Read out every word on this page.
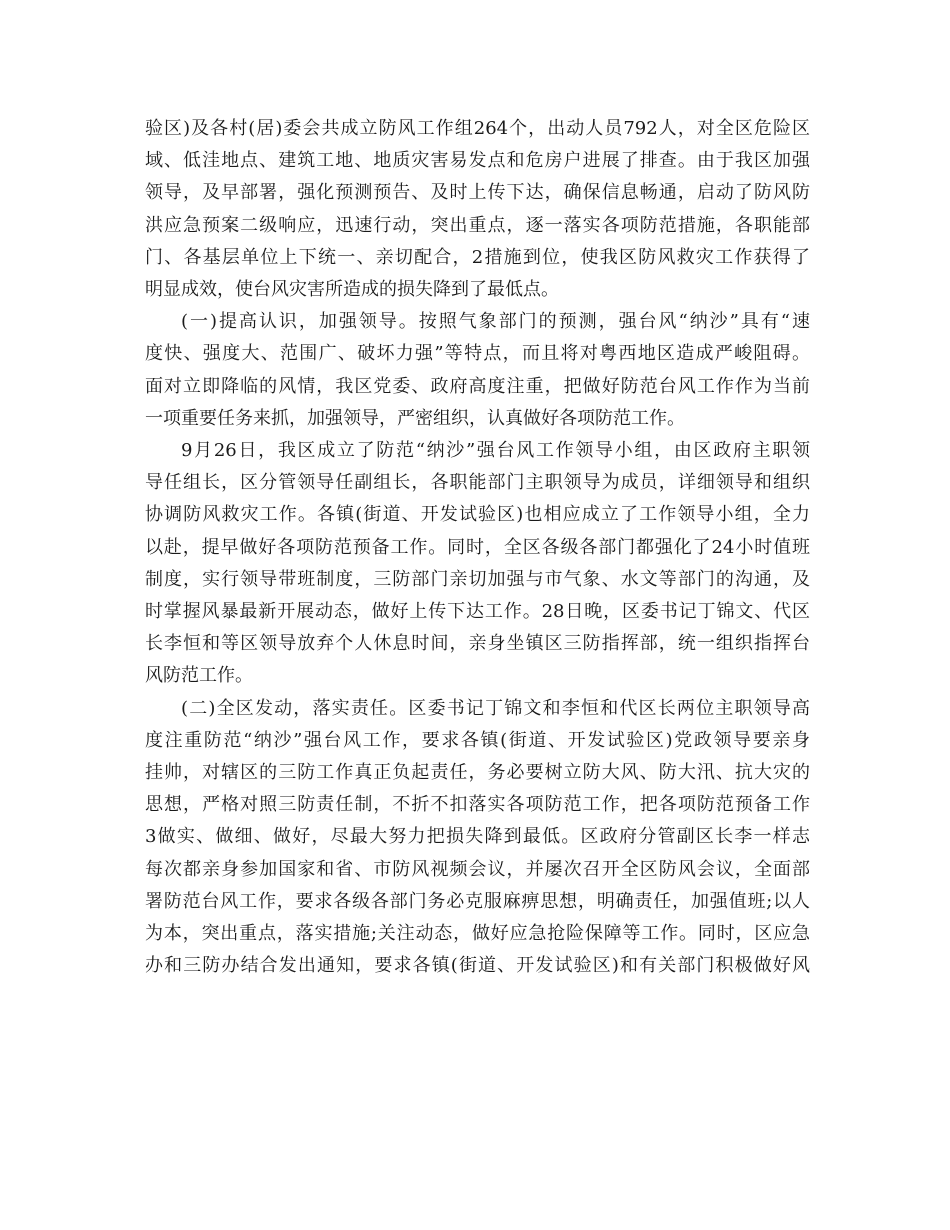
验区)及各村(居)委会共成立防风工作组264个，出动人员792人，对全区危险区
域、低洼地点、建筑工地、地质灾害易发点和危房户进展了排查。由于我区加强
领导，及早部署，强化预测预告、及时上传下达，确保信息畅通，启动了防风防
洪应急预案二级响应，迅速行动，突出重点，逐一落实各项防范措施，各职能部
门、各基层单位上下统一、亲切配合，2措施到位，使我区防风救灾工作获得了
明显成效，使台风灾害所造成的损失降到了最低点。
(一)提高认识，加强领导。按照气象部门的预测，强台风“纳沙”具有“速
度快、强度大、范围广、破坏力强”等特点，而且将对粤西地区造成严峻阻碍。
面对立即降临的风情，我区党委、政府高度注重，把做好防范台风工作作为当前
一项重要任务来抓，加强领导，严密组织，认真做好各项防范工作。
9月26日，我区成立了防范“纳沙”强台风工作领导小组，由区政府主职领
导任组长，区分管领导任副组长，各职能部门主职领导为成员，详细领导和组织
协调防风救灾工作。各镇(街道、开发试验区)也相应成立了工作领导小组，全力
以赴，提早做好各项防范预备工作。同时，全区各级各部门都强化了24小时值班
制度，实行领导带班制度，三防部门亲切加强与市气象、水文等部门的沟通，及
时掌握风暴最新开展动态，做好上传下达工作。28日晚，区委书记丁锦文、代区
长李恒和等区领导放弃个人休息时间，亲身坐镇区三防指挥部，统一组织指挥台
风防范工作。
(二)全区发动，落实责任。区委书记丁锦文和李恒和代区长两位主职领导高
度注重防范“纳沙”强台风工作，要求各镇(街道、开发试验区)党政领导要亲身
挂帅，对辖区的三防工作真正负起责任，务必要树立防大风、防大汛、抗大灾的
思想，严格对照三防责任制，不折不扣落实各项防范工作，把各项防范预备工作
3做实、做细、做好，尽最大努力把损失降到最低。区政府分管副区长李一样志
每次都亲身参加国家和省、市防风视频会议，并屡次召开全区防风会议，全面部
署防范台风工作，要求各级各部门务必克服麻痹思想，明确责任，加强值班;以人
为本，突出重点，落实措施;关注动态，做好应急抢险保障等工作。同时，区应急
办和三防办结合发出通知，要求各镇(街道、开发试验区)和有关部门积极做好风
